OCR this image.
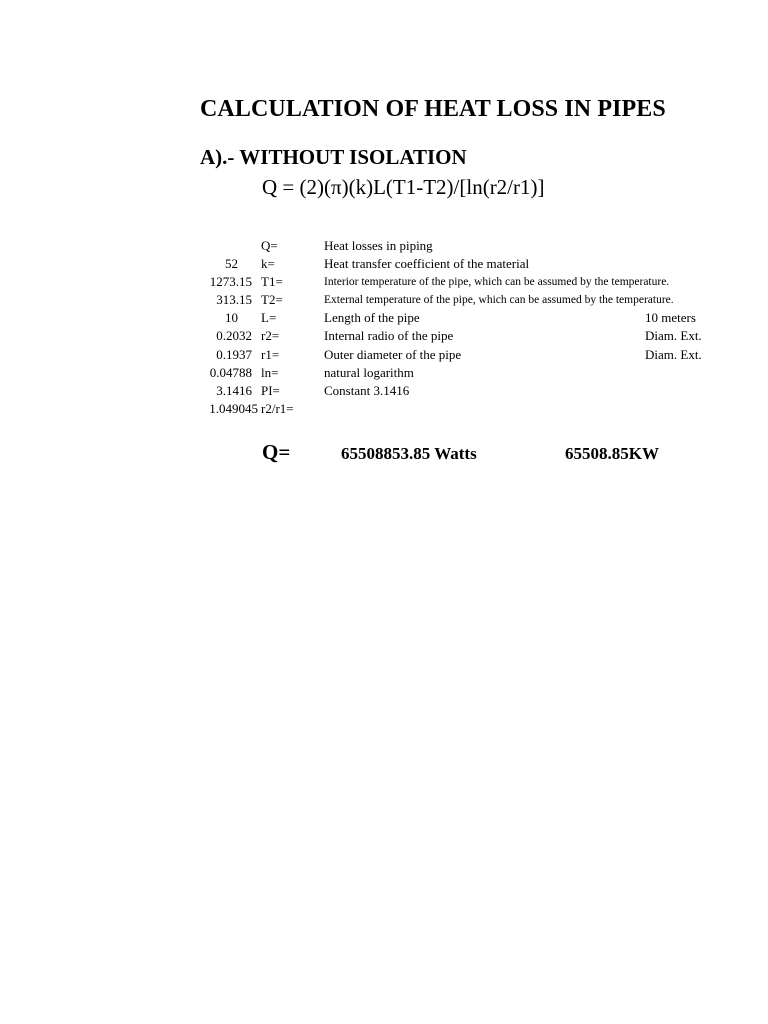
CALCULATION OF HEAT LOSS IN PIPES
A).- WITHOUT ISOLATION
Q = (2)(π)(k)L(T1-T2)/[ln(r2/r1)]
Q=	Heat losses in piping
52 k=	Heat transfer coefficient of the material
1273.15 T1=	Interior temperature of the pipe, which can be assumed by the temperature.
313.15 T2=	External temperature of the pipe, which can be assumed by the temperature.
10 L=	Length of the pipe	10 meters
0.2032 r2=	Internal radio of the pipe	Diam. Ext.
0.1937 r1=	Outer diameter of the pipe	Diam. Ext.
0.04788 ln=	natural logarithm
3.1416 PI=	Constant 3.1416
1.049045 r2/r1=
Q=	65508853.85 Watts	65508.85KW
